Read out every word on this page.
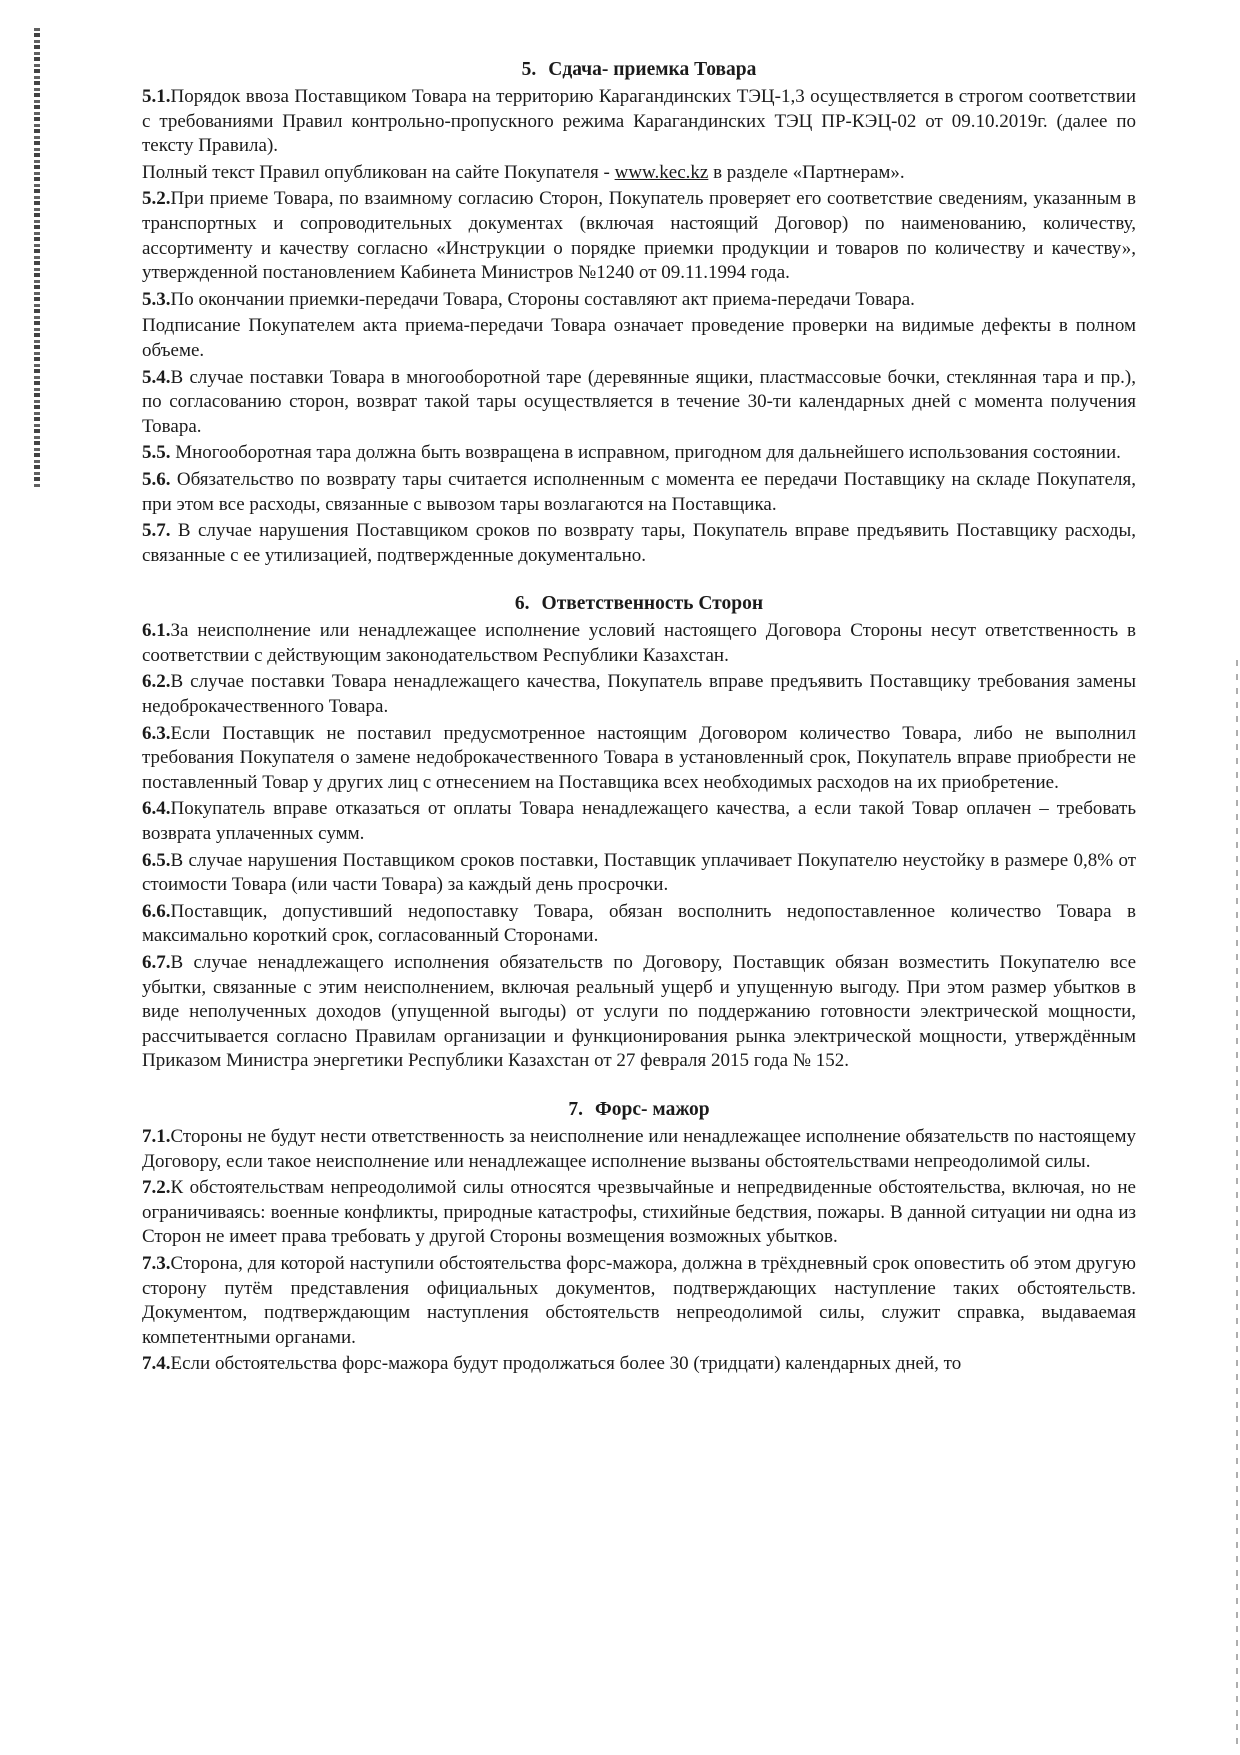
5. Сдача- приемка Товара

5.1.Порядок ввоза Поставщиком Товара на территорию Карагандинских ТЭЦ-1,3 осуществляется в строгом соответствии с требованиями Правил контрольно-пропускного режима Карагандинских ТЭЦ ПР-КЭЦ-02 от 09.10.2019г. (далее по тексту Правила).

Полный текст Правил опубликован на сайте Покупателя - www.kec.kz в разделе «Партнерам».

5.2.При приеме Товара, по взаимному согласию Сторон, Покупатель проверяет его соответствие сведениям, указанным в транспортных и сопроводительных документах (включая настоящий Договор) по наименованию, количеству, ассортименту и качеству согласно «Инструкции о порядке приемки продукции и товаров по количеству и качеству», утвержденной постановлением Кабинета Министров №1240 от 09.11.1994 года.

5.3.По окончании приемки-передачи Товара, Стороны составляют акт приема-передачи Товара.

Подписание Покупателем акта приема-передачи Товара означает проведение проверки на видимые дефекты в полном объеме.

5.4.В случае поставки Товара в многооборотной таре (деревянные ящики, пластмассовые бочки, стеклянная тара и пр.), по согласованию сторон, возврат такой тары осуществляется в течение 30-ти календарных дней с момента получения Товара.

5.5. Многооборотная тара должна быть возвращена в исправном, пригодном для дальнейшего использования состоянии.

5.6. Обязательство по возврату тары считается исполненным с момента ее передачи Поставщику на складе Покупателя, при этом все расходы, связанные с вывозом тары возлагаются на Поставщика.

5.7. В случае нарушения Поставщиком сроков по возврату тары, Покупатель вправе предъявить Поставщику расходы, связанные с ее утилизацией, подтвержденные документально.

6. Ответственность Сторон

6.1.За неисполнение или ненадлежащее исполнение условий настоящего Договора Стороны несут ответственность в соответствии с действующим законодательством Республики Казахстан.

6.2.В случае поставки Товара ненадлежащего качества, Покупатель вправе предъявить Поставщику требования замены недоброкачественного Товара.

6.3.Если Поставщик не поставил предусмотренное настоящим Договором количество Товара, либо не выполнил требования Покупателя о замене недоброкачественного Товара в установленный срок, Покупатель вправе приобрести не поставленный Товар у других лиц с отнесением на Поставщика всех необходимых расходов на их приобретение.

6.4.Покупатель вправе отказаться от оплаты Товара ненадлежащего качества, а если такой Товар оплачен – требовать возврата уплаченных сумм.

6.5.В случае нарушения Поставщиком сроков поставки, Поставщик уплачивает Покупателю неустойку в размере 0,8% от стоимости Товара (или части Товара) за каждый день просрочки.

6.6.Поставщик, допустивший недопоставку Товара, обязан восполнить недопоставленное количество Товара в максимально короткий срок, согласованный Сторонами.

6.7.В случае ненадлежащего исполнения обязательств по Договору, Поставщик обязан возместить Покупателю все убытки, связанные с этим неисполнением, включая реальный ущерб и упущенную выгоду. При этом размер убытков в виде неполученных доходов (упущенной выгоды) от услуги по поддержанию готовности электрической мощности, рассчитывается согласно Правилам организации и функционирования рынка электрической мощности, утверждённым Приказом Министра энергетики Республики Казахстан от 27 февраля 2015 года № 152.

7. Форс- мажор

7.1.Стороны не будут нести ответственность за неисполнение или ненадлежащее исполнение обязательств по настоящему Договору, если такое неисполнение или ненадлежащее исполнение вызваны обстоятельствами непреодолимой силы.

7.2.К обстоятельствам непреодолимой силы относятся чрезвычайные и непредвиденные обстоятельства, включая, но не ограничиваясь: военные конфликты, природные катастрофы, стихийные бедствия, пожары. В данной ситуации ни одна из Сторон не имеет права требовать у другой Стороны возмещения возможных убытков.

7.3.Сторона, для которой наступили обстоятельства форс-мажора, должна в трёхдневный срок оповестить об этом другую сторону путём представления официальных документов, подтверждающих наступление таких обстоятельств. Документом, подтверждающим наступления обстоятельств непреодолимой силы, служит справка, выдаваемая компетентными органами.

7.4.Если обстоятельства форс-мажора будут продолжаться более 30 (тридцати) календарных дней, то
